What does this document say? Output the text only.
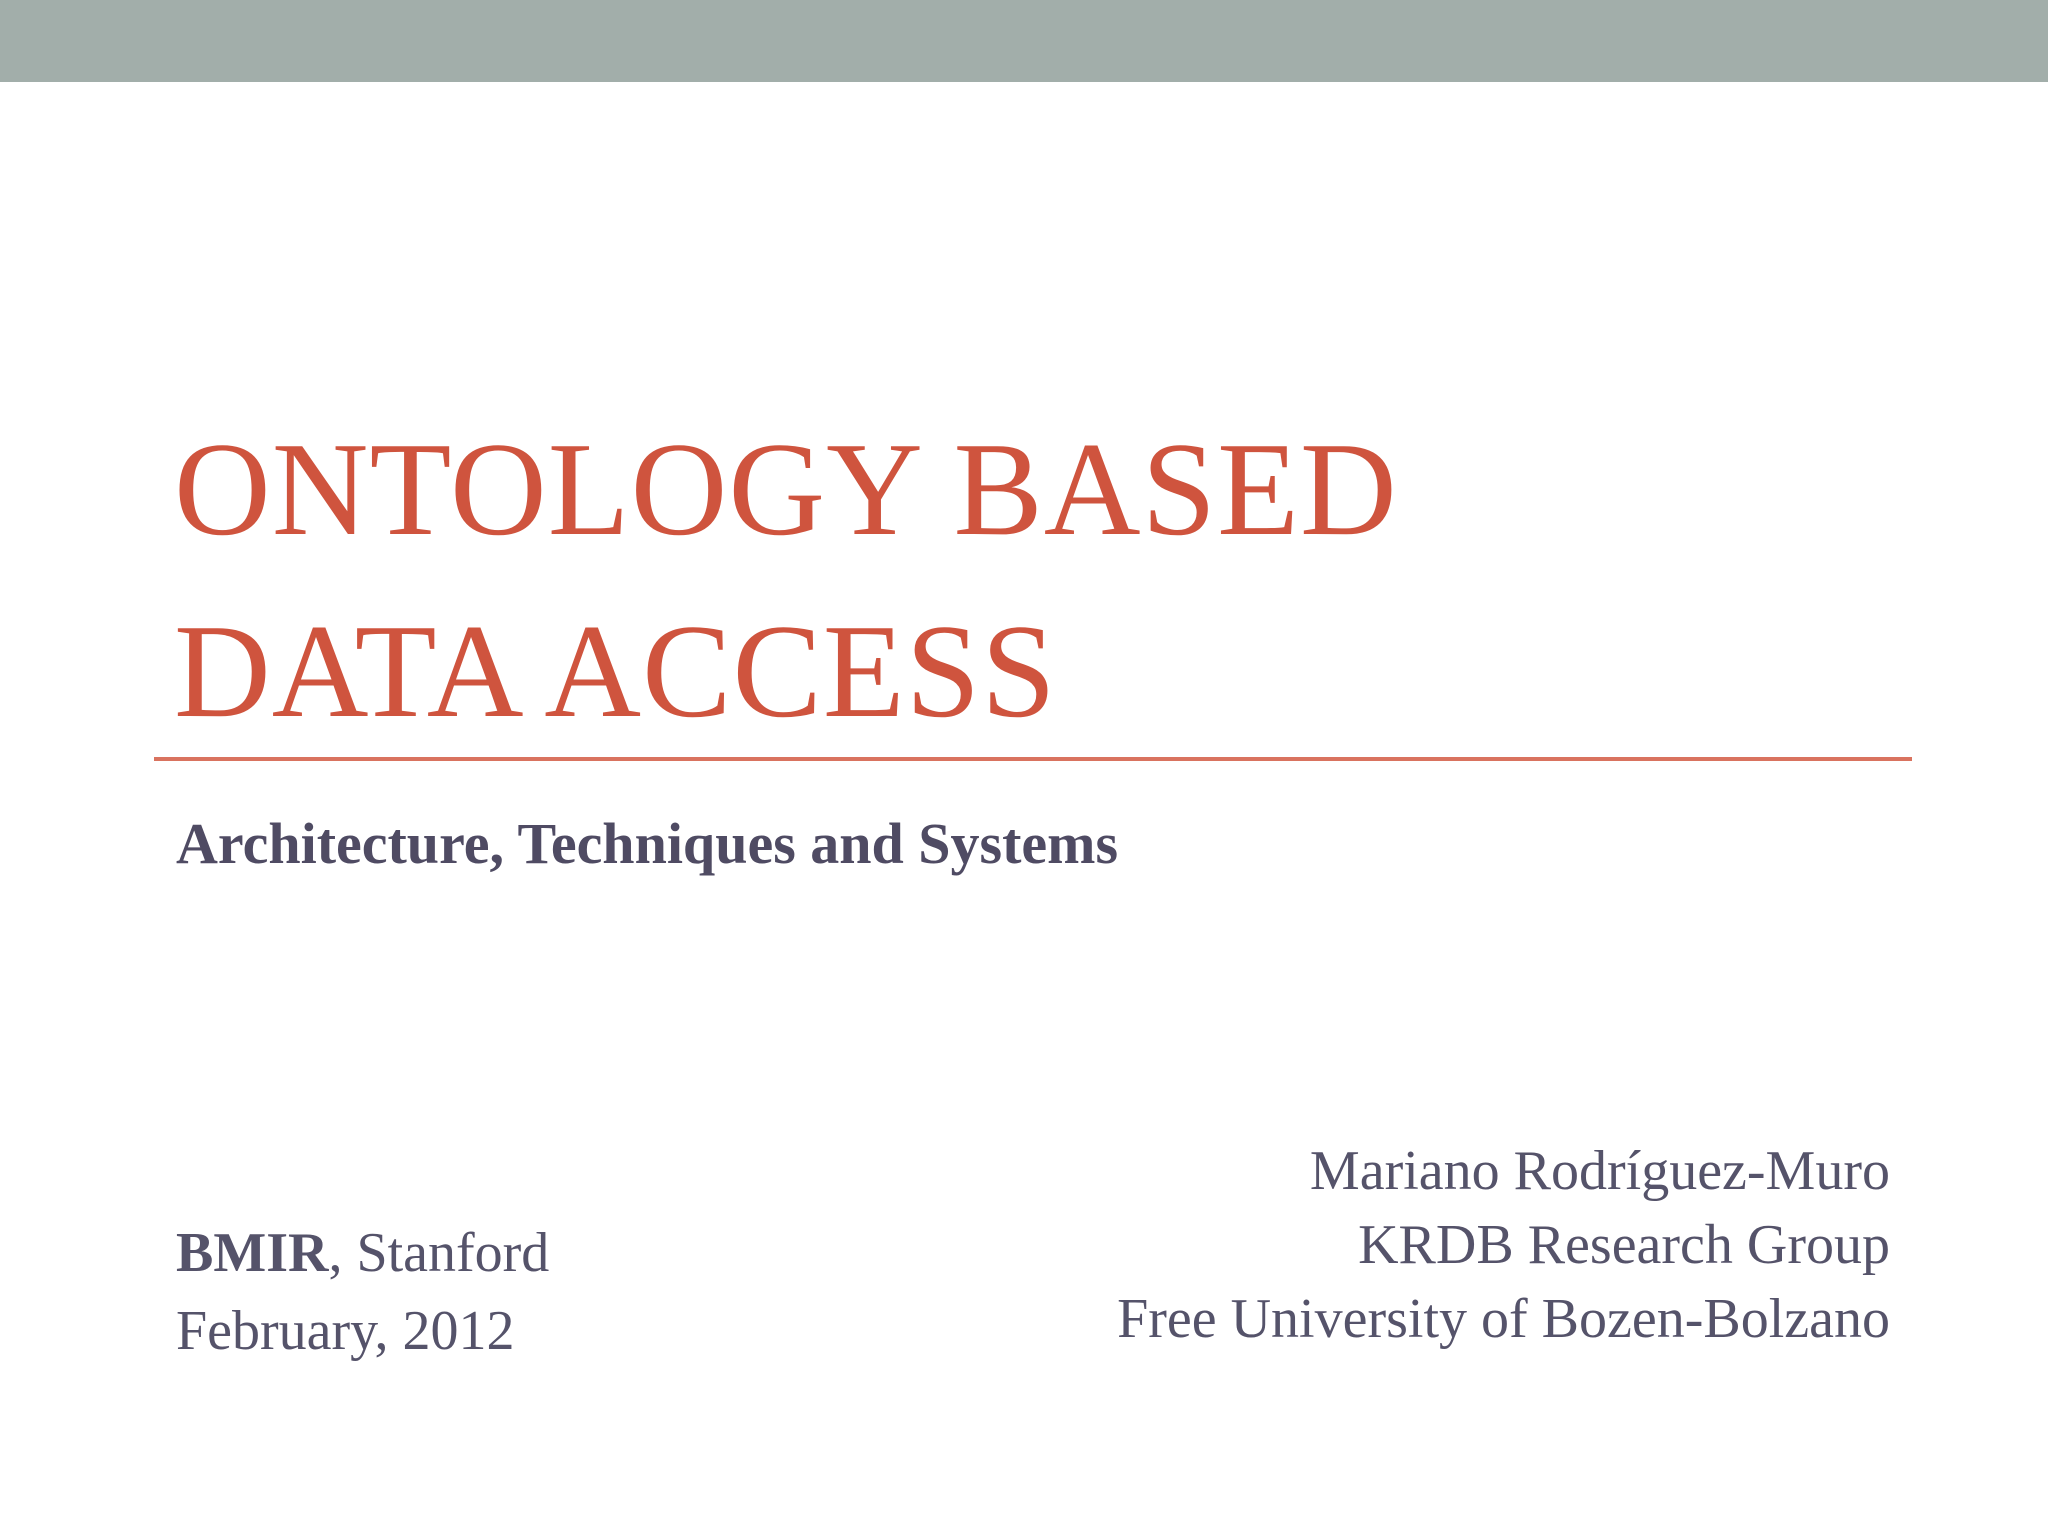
ONTOLOGY BASED
DATA ACCESS
Architecture, Techniques and Systems
BMIR, Stanford
February, 2012
Mariano Rodríguez-Muro
KRDB Research Group
Free University of Bozen-Bolzano
